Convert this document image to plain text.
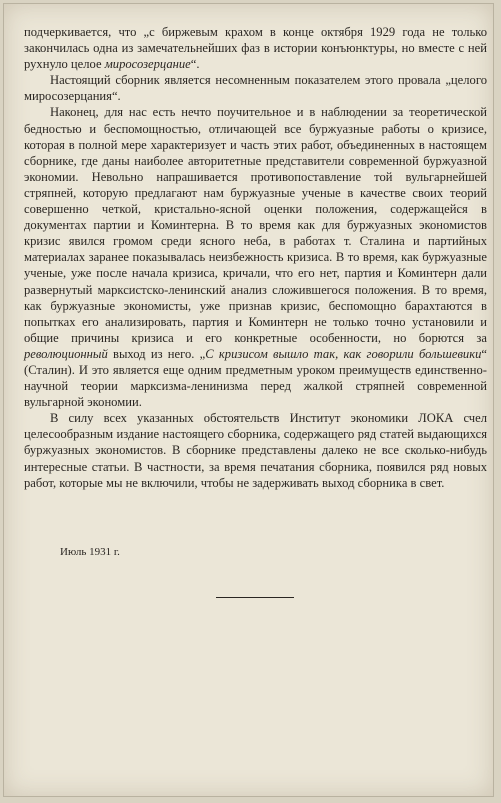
подчеркивается, что „с биржевым крахом в конце октября 1929 года не только закончилась одна из замечательнейших фаз в истории конъюнктуры, но вместе с ней рухнуло целое миросозерцание“.

Настоящий сборник является несомненным показателем этого провала „целого миросозерцания“.

Наконец, для нас есть нечто поучительное и в наблюдении за теоретической бедностью и беспомощностью, отличающей все буржуазные работы о кризисе, которая в полной мере характеризует и часть этих работ, объединенных в настоящем сборнике, где даны наиболее авторитетные представители современной буржуазной экономии. Невольно напрашивается противопоставление той вульгарнейшей стряпней, которую предлагают нам буржуазные ученые в качестве своих теорий совершенно четкой, кристально-ясной оценки положения, содержащейся в документах партии и Коминтерна. В то время как для буржуазных экономистов кризис явился громом среди ясного неба, в работах т. Сталина и партийных материалах заранее показывалась неизбежность кризиса. В то время, как буржуазные ученые, уже после начала кризиса, кричали, что его нет, партия и Коминтерн дали развернутый марксистско-ленинский анализ сложившегося положения. В то время, как буржуазные экономисты, уже признав кризис, беспомощно барахтаются в попытках его анализировать, партия и Коминтерн не только точно установили и общие причины кризиса и его конкретные особенности, но борются за революционный выход из него. „С кризисом вышло так, как говорили большевики“ (Сталин). И это является еще одним предметным уроком преимуществ единственно-научной теории марксизма-ленинизма перед жалкой стряпней современной вульгарной экономии.

В силу всех указанных обстоятельств Институт экономики ЛОКА счел целесообразным издание настоящего сборника, содержащего ряд статей выдающихся буржуазных экономистов. В сборнике представлены далеко не все сколько-нибудь интересные статьи. В частности, за время печатания сборника, появился ряд новых работ, которые мы не включили, чтобы не задерживать выход сборника в свет.

Июль 1931 г.
